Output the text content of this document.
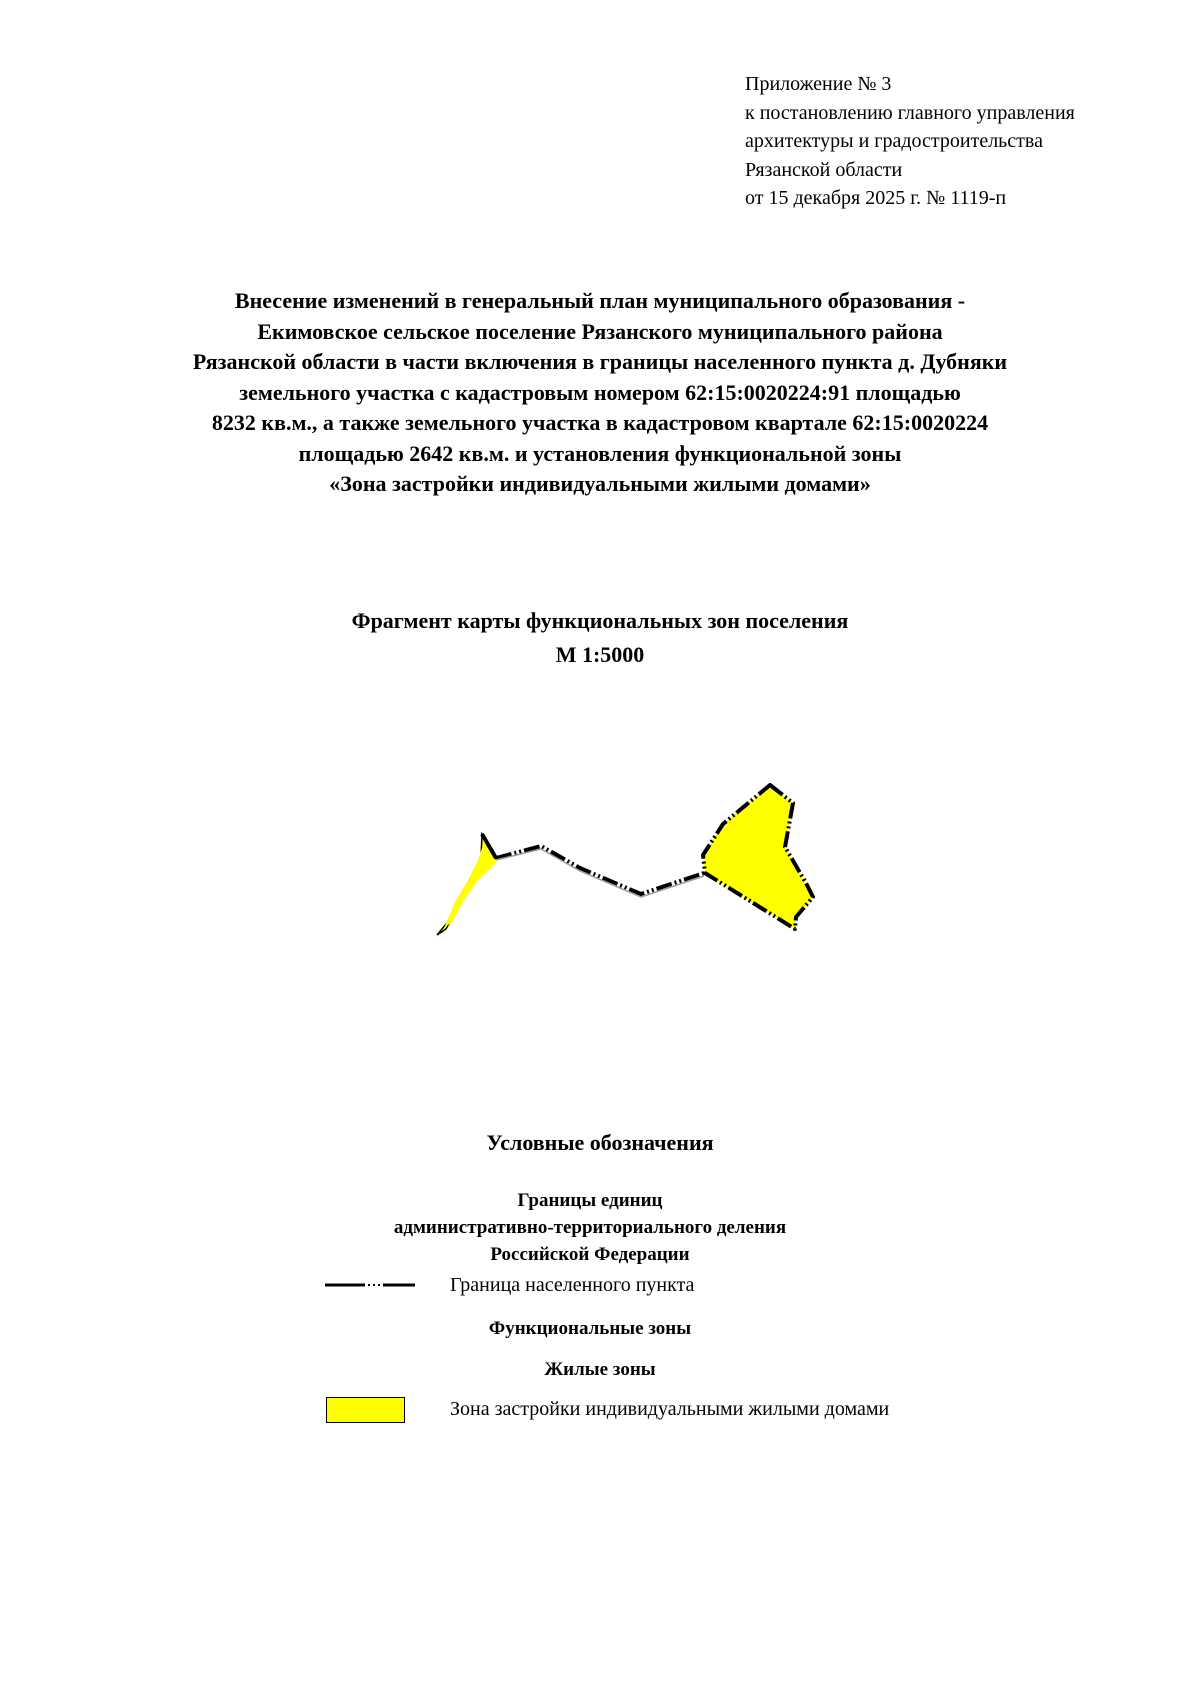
Приложение № 3
к постановлению главного управления
архитектуры и градостроительства
Рязанской области
от 15 декабря 2025 г. № 1119-п
Внесение изменений в генеральный план муниципального образования -
Екимовское сельское поселение Рязанского муниципального района
Рязанской области в части включения в границы населенного пункта д. Дубняки
земельного участка с кадастровым номером 62:15:0020224:91 площадью
8232 кв.м., а также земельного участка в кадастровом квартале 62:15:0020224
площадью 2642 кв.м. и установления функциональной зоны
«Зона застройки индивидуальными жилыми домами»
Фрагмент карты функциональных зон поселения
М 1:5000
Условные обозначения
Границы единиц
административно-территориального деления
Российской Федерации
Граница населенного пункта
Функциональные зоны
Жилые зоны
Зона застройки индивидуальными жилыми домами
